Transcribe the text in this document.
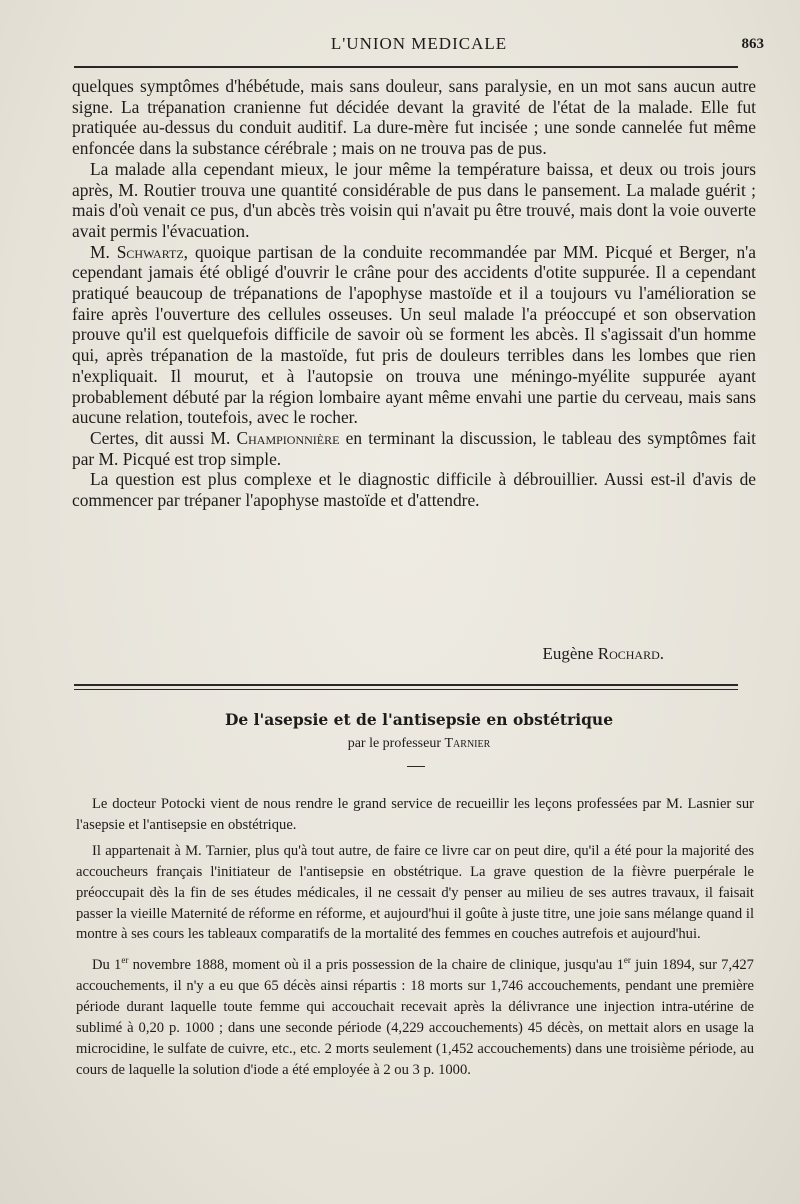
L'UNION MEDICALE	863

quelques symptômes d'hébétude, mais sans douleur, sans paralysie, en un mot sans aucun autre signe. La trépanation cranienne fut décidée devant la gravité de l'état de la malade. Elle fut pratiquée au-dessus du conduit auditif. La dure-mère fut incisée ; une sonde cannelée fut même enfoncée dans la substance cérébrale ; mais on ne trouva pas de pus.

La malade alla cependant mieux, le jour même la température baissa, et deux ou trois jours après, M. Routier trouva une quantité considérable de pus dans le pansement. La malade guérit ; mais d'où venait ce pus, d'un abcès très voisin qui n'avait pu être trouvé, mais dont la voie ouverte avait permis l'évacuation.

M. Schwartz, quoique partisan de la conduite recommandée par MM. Picqué et Berger, n'a cependant jamais été obligé d'ouvrir le crâne pour des accidents d'otite suppurée. Il a cependant pratiqué beaucoup de trépanations de l'apophyse mastoïde et il a toujours vu l'amélioration se faire après l'ouverture des cellules osseuses. Un seul malade l'a préoccupé et son observation prouve qu'il est quelquefois difficile de savoir où se forment les abcès. Il s'agissait d'un homme qui, après trépanation de la mastoïde, fut pris de douleurs terribles dans les lombes que rien n'expliquait. Il mourut, et à l'autopsie on trouva une méningo-myélite suppurée ayant probablement débuté par la région lombaire ayant même envahi une partie du cerveau, mais sans aucune relation, toutefois, avec le rocher.

Certes, dit aussi M. Championnière en terminant la discussion, le tableau des symptômes fait par M. Picqué est trop simple.

La question est plus complexe et le diagnostic difficile à débrouillier. Aussi est-il d'avis de commencer par trépaner l'apophyse mastoïde et d'attendre.

Eugène Rochard.
De l'asepsie et de l'antisepsie en obstétrique
par le professeur Tarnier

Le docteur Potocki vient de nous rendre le grand service de recueillir les leçons professées par M. Lasnier sur l'asepsie et l'antisepsie en obstétrique.

Il appartenait à M. Tarnier, plus qu'à tout autre, de faire ce livre car on peut dire, qu'il a été pour la majorité des accoucheurs français l'initiateur de l'antisepsie en obstétrique. La grave question de la fièvre puerpérale le préoccupait dès la fin de ses études médicales, il ne cessait d'y penser au milieu de ses autres travaux, il faisait passer la vieille Maternité de réforme en réforme, et aujourd'hui il goûte à juste titre, une joie sans mélange quand il montre à ses cours les tableaux comparatifs de la mortalité des femmes en couches autrefois et aujourd'hui.

Du 1er novembre 1888, moment où il a pris possession de la chaire de clinique, jusqu'au 1er juin 1894, sur 7,427 accouchements, il n'y a eu que 65 décès ainsi répartis : 18 morts sur 1,746 accouchements, pendant une première période durant laquelle toute femme qui accouchait recevait après la délivrance une injection intra-utérine de sublimé à 0,20 p. 1000 ; dans une seconde période (4,229 accouchements) 45 décès, on mettait alors en usage la microcidine, le sulfate de cuivre, etc., etc. 2 morts seulement (1,452 accouchements) dans une troisième période, au cours de laquelle la solution d'iode a été employée à 2 ou 3 p. 1000.
